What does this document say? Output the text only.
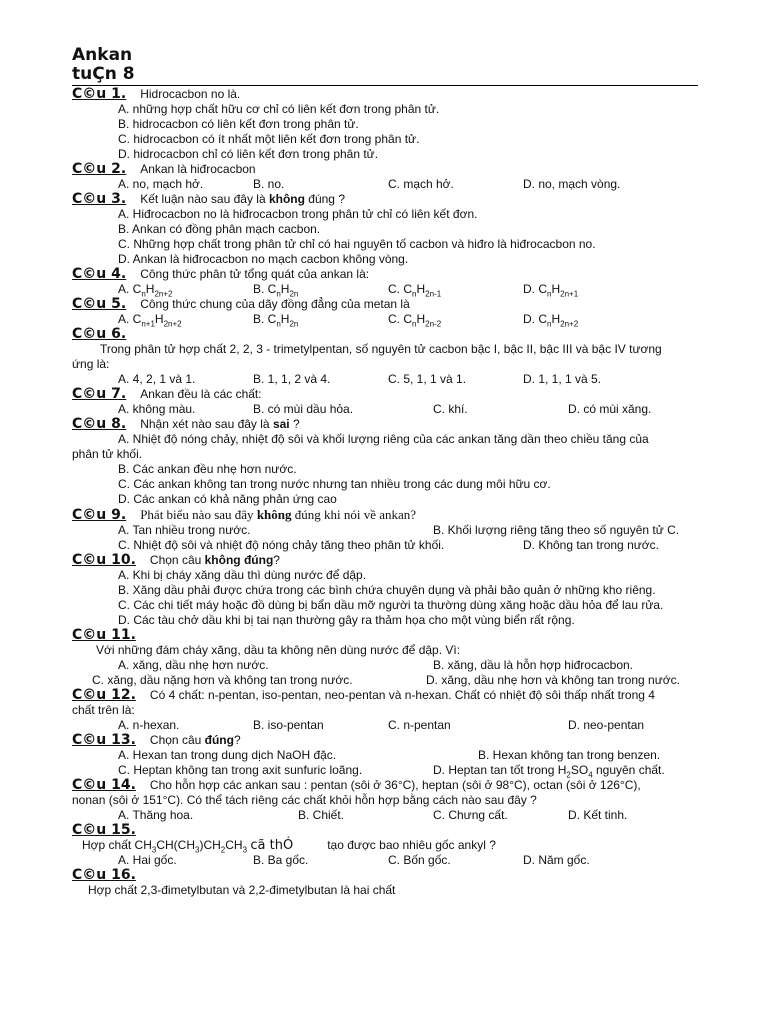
Ankan
tuÇn 8
C©u 1. Hidrocacbon no là.
A. những hợp chất hữu cơ chỉ có liên kết đơn trong phân tử.
B. hidrocacbon có liên kết đơn trong phân tử.
C. hidrocacbon có ít nhất một liên kết đơn trong phân tử.
D. hidrocacbon chỉ có liên kết đơn trong phân tử.
C©u 2. Ankan là hiđrocacbon
A. no, mạch hở.	B. no.	C. mạch hở.	D. no, mạch vòng.
C©u 3. Kết luận nào sau đây là không đúng ?
A. Hiđrocacbon no là hiđrocacbon trong phân tử chỉ có liên kết đơn.
B. Ankan có đồng phân mạch cacbon.
C. Những hợp chất trong phân tử chỉ có hai nguyên tố cacbon và hiđro là hiđrocacbon no.
D. Ankan là hiđrocacbon no mạch cacbon không vòng.
C©u 4. Công thức phân tử tổng quát của ankan là:
A. $C_nH_{2n+2}$	B. $C_nH_{2n}$	C. $C_nH_{2n-1}$	D. $C_nH_{2n+1}$
C©u 5. Công thức chung của dãy đồng đẳng của metan là
A. $C_{n+1}H_{2n+2}$	B. $C_nH_{2n}$	C. $C_nH_{2n-2}$	D. $C_nH_{2n+2}$
C©u 6.
Trong phân tử hợp chất 2, 2, 3 - trimetylpentan, số nguyên tử cacbon bậc I, bậc II, bậc III và bậc IV tương
ứng là:
A. 4, 2, 1 và 1.	B. 1, 1, 2 và 4.	C. 5, 1, 1 và 1.	D. 1, 1, 1 và 5.
C©u 7. Ankan đều là các chất:
A. không màu.	B. có mùi dầu hỏa.	C. khí.	D. có mùi xăng.
C©u 8. Nhận xét nào sau đây là sai ?
A. Nhiệt độ nóng chảy, nhiệt độ sôi và khối lượng riêng của các ankan tăng dần theo chiều tăng của
phân tử khối.
B. Các ankan đều nhẹ hơn nước.
C. Các ankan không tan trong nước nhưng tan nhiều trong các dung môi hữu cơ.
D. Các ankan có khả năng phản ứng cao
C©u 9. Phát biểu nào sau đây không đúng khi nói về ankan?
A. Tan nhiều trong nước.	B. Khối lượng riêng tăng theo số nguyên tử C.
C. Nhiệt độ sôi và nhiệt độ nóng chảy tăng theo phân tử khối.	D. Không tan trong nước.
C©u 10. Chọn câu không đúng?
A. Khi bị cháy xăng dầu thì dùng nước để dập.
B. Xăng dầu phải được chứa trong các bình chứa chuyên dụng và phải bảo quản ở những kho riêng.
C. Các chi tiết máy hoặc đồ dùng bị bẩn dầu mỡ người ta thường dùng xăng hoặc dầu hỏa để lau rửa.
D. Các tàu chở dầu khi bị tai nạn thường gây ra thảm họa cho một vùng biển rất rộng.
C©u 11.
Với những đám cháy xăng, dầu ta không nên dùng nước để dập. Vì:
A. xăng, dầu nhẹ hơn nước.	B. xăng, dầu là hỗn hợp hiđrocacbon.
C. xăng, dầu nặng hơn và không tan trong nước.	D. xăng, dầu nhẹ hơn và không tan trong nước.
C©u 12. Có 4 chất: n-pentan, iso-pentan, neo-pentan và n-hexan. Chất có nhiệt độ sôi thấp nhất trong 4
chất trên là:
A. n-hexan.	B. iso-pentan	C. n-pentan	D. neo-pentan
C©u 13. Chọn câu đúng?
A. Hexan tan trong dung dịch NaOH đặc.	B. Hexan không tan trong benzen.
C. Heptan không tan trong axit sunfuric loãng.	D. Heptan tan tốt trong $H_2SO_4$ nguyên chất.
C©u 14. Cho hỗn hợp các ankan sau : pentan (sôi ở 36°C), heptan (sôi ở 98°C), octan (sôi ở 126°C),
nonan (sôi ở 151°C). Có thể tách riêng các chất khỏi hỗn hợp bằng cách nào sau đây ?
A. Thăng hoa.	B. Chiết.	C. Chưng cất.	D. Kết tinh.
C©u 15.
Hợp chất $CH_3CH(CH_3)CH_2CH_3$ cã thÓ	tạo được bao nhiêu gốc ankyl ?
A. Hai gốc.	B. Ba gốc.	C. Bốn gốc.	D. Năm gốc.
C©u 16.
Hợp chất 2,3-đimetylbutan và 2,2-đimetylbutan là hai chất
